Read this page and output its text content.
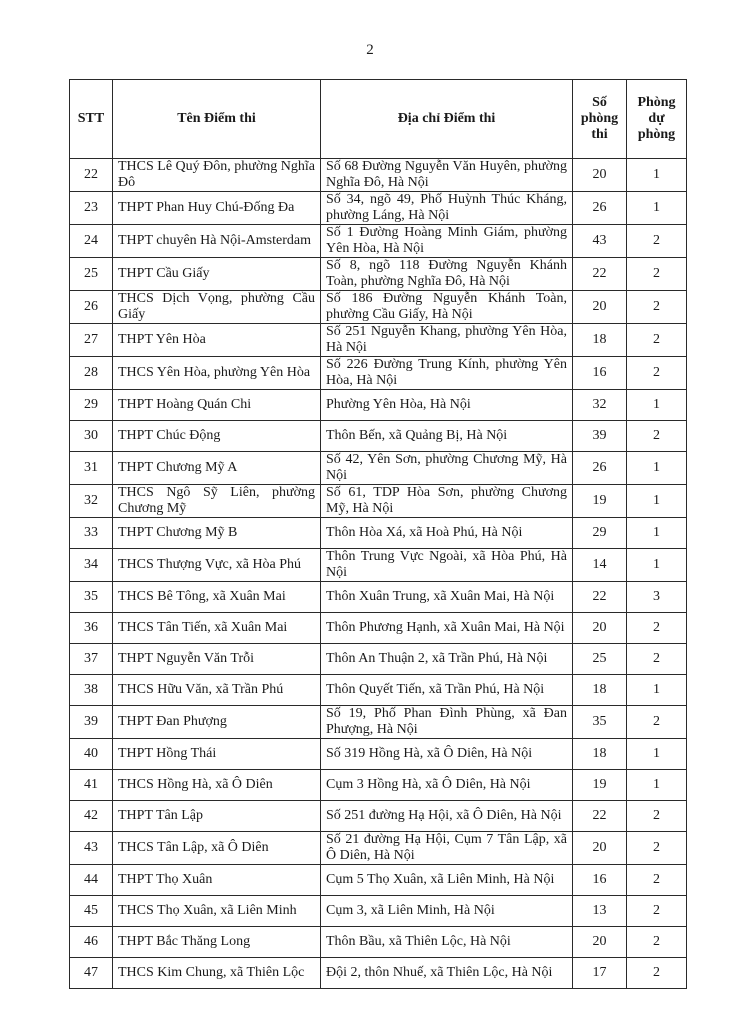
2
STT	Tên Điểm thi	Địa chỉ Điểm thi	Số phòng thi	Phòng dự phòng
22	THCS Lê Quý Đôn, phường Nghĩa Đô	Số 68 Đường Nguyễn Văn Huyên, phường Nghĩa Đô, Hà Nội	20	1
23	THPT Phan Huy Chú-Đống Đa	Số 34, ngõ 49, Phố Huỳnh Thúc Kháng, phường Láng, Hà Nội	26	1
24	THPT chuyên Hà Nội-Amsterdam	Số 1 Đường Hoàng Minh Giám, phường Yên Hòa, Hà Nội	43	2
25	THPT Cầu Giấy	Số 8, ngõ 118 Đường Nguyễn Khánh Toàn, phường Nghĩa Đô, Hà Nội	22	2
26	THCS Dịch Vọng, phường Cầu Giấy	Số 186 Đường Nguyễn Khánh Toàn, phường Cầu Giấy, Hà Nội	20	2
27	THPT Yên Hòa	Số 251 Nguyễn Khang, phường Yên Hòa, Hà Nội	18	2
28	THCS Yên Hòa, phường Yên Hòa	Số 226 Đường Trung Kính, phường Yên Hòa, Hà Nội	16	2
29	THPT Hoàng Quán Chi	Phường Yên Hòa, Hà Nội	32	1
30	THPT Chúc Động	Thôn Bến, xã Quảng Bị, Hà Nội	39	2
31	THPT Chương Mỹ A	Số 42, Yên Sơn, phường Chương Mỹ, Hà Nội	26	1
32	THCS Ngô Sỹ Liên, phường Chương Mỹ	Số 61, TDP Hòa Sơn, phường Chương Mỹ, Hà Nội	19	1
33	THPT Chương Mỹ B	Thôn Hòa Xá, xã Hoà Phú, Hà Nội	29	1
34	THCS Thượng Vực, xã Hòa Phú	Thôn Trung Vực Ngoài, xã Hòa Phú, Hà Nội	14	1
35	THCS Bê Tông, xã Xuân Mai	Thôn Xuân Trung, xã Xuân Mai, Hà Nội	22	3
36	THCS Tân Tiến, xã Xuân Mai	Thôn Phương Hạnh, xã Xuân Mai, Hà Nội	20	2
37	THPT Nguyễn Văn Trỗi	Thôn An Thuận 2, xã Trần Phú, Hà Nội	25	2
38	THCS Hữu Văn, xã Trần Phú	Thôn Quyết Tiến, xã Trần Phú, Hà Nội	18	1
39	THPT Đan Phượng	Số 19, Phố Phan Đình Phùng, xã Đan Phượng, Hà Nội	35	2
40	THPT Hồng Thái	Số 319 Hồng Hà, xã Ô Diên, Hà Nội	18	1
41	THCS Hồng Hà, xã Ô Diên	Cụm 3 Hồng Hà, xã Ô Diên, Hà Nội	19	1
42	THPT Tân Lập	Số 251 đường Hạ Hội, xã Ô Diên, Hà Nội	22	2
43	THCS Tân Lập, xã Ô Diên	Số 21 đường Hạ Hội, Cụm 7 Tân Lập, xã Ô Diên, Hà Nội	20	2
44	THPT Thọ Xuân	Cụm 5 Thọ Xuân, xã Liên Minh, Hà Nội	16	2
45	THCS Thọ Xuân, xã Liên Minh	Cụm 3, xã Liên Minh, Hà Nội	13	2
46	THPT Bắc Thăng Long	Thôn Bầu, xã Thiên Lộc, Hà Nội	20	2
47	THCS Kim Chung, xã Thiên Lộc	Đội 2, thôn Nhuế, xã Thiên Lộc, Hà Nội	17	2
